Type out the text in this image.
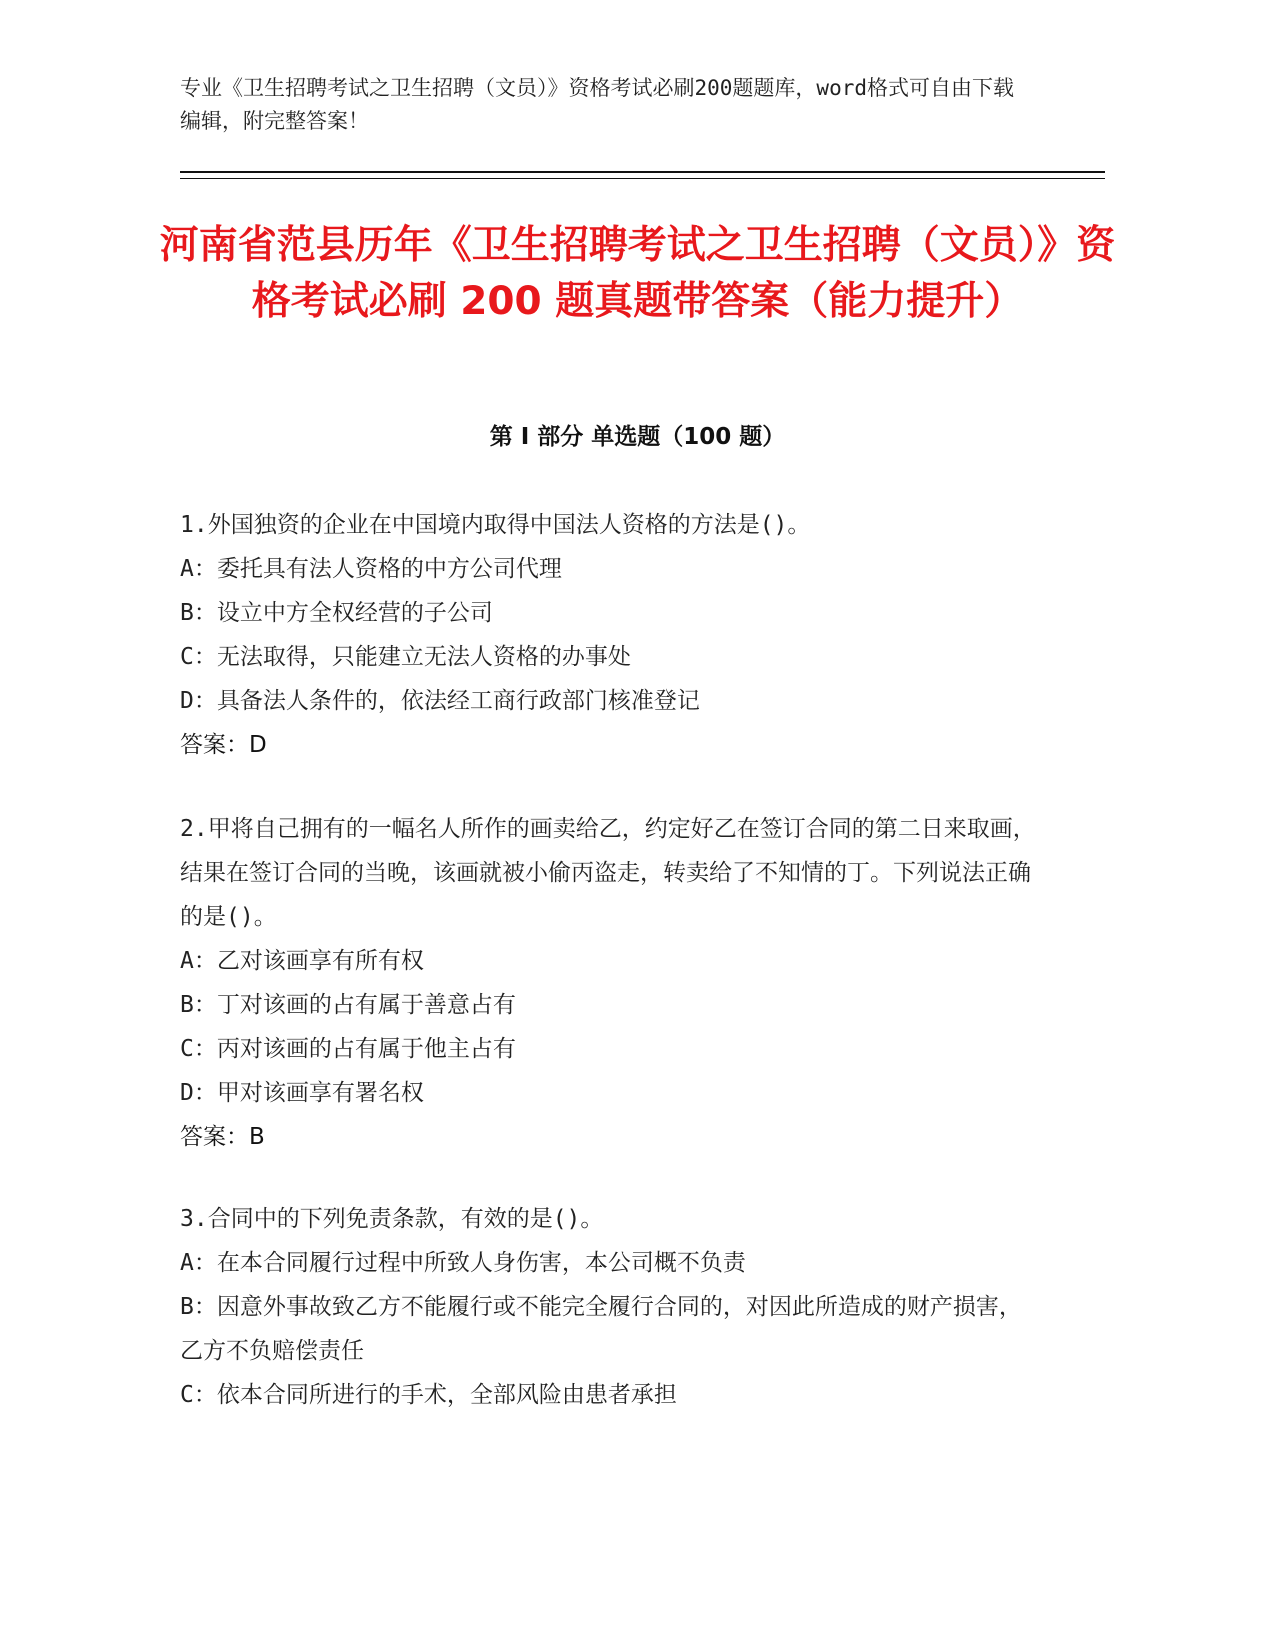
专业《卫生招聘考试之卫生招聘（文员）》资格考试必刷200题题库，word格式可自由下载编辑，附完整答案！
河南省范县历年《卫生招聘考试之卫生招聘（文员）》资格考试必刷 200 题真题带答案（能力提升）
第 I 部分 单选题（100 题）
1.外国独资的企业在中国境内取得中国法人资格的方法是()。
A：委托具有法人资格的中方公司代理
B：设立中方全权经营的子公司
C：无法取得，只能建立无法人资格的办事处
D：具备法人条件的，依法经工商行政部门核准登记
答案：D
2.甲将自己拥有的一幅名人所作的画卖给乙，约定好乙在签订合同的第二日来取画，结果在签订合同的当晚，该画就被小偷丙盗走，转卖给了不知情的丁。下列说法正确的是()。
A：乙对该画享有所有权
B：丁对该画的占有属于善意占有
C：丙对该画的占有属于他主占有
D：甲对该画享有署名权
答案：B
3.合同中的下列免责条款，有效的是()。
A：在本合同履行过程中所致人身伤害，本公司概不负责
B：因意外事故致乙方不能履行或不能完全履行合同的，对因此所造成的财产损害，乙方不负赔偿责任
C：依本合同所进行的手术，全部风险由患者承担
